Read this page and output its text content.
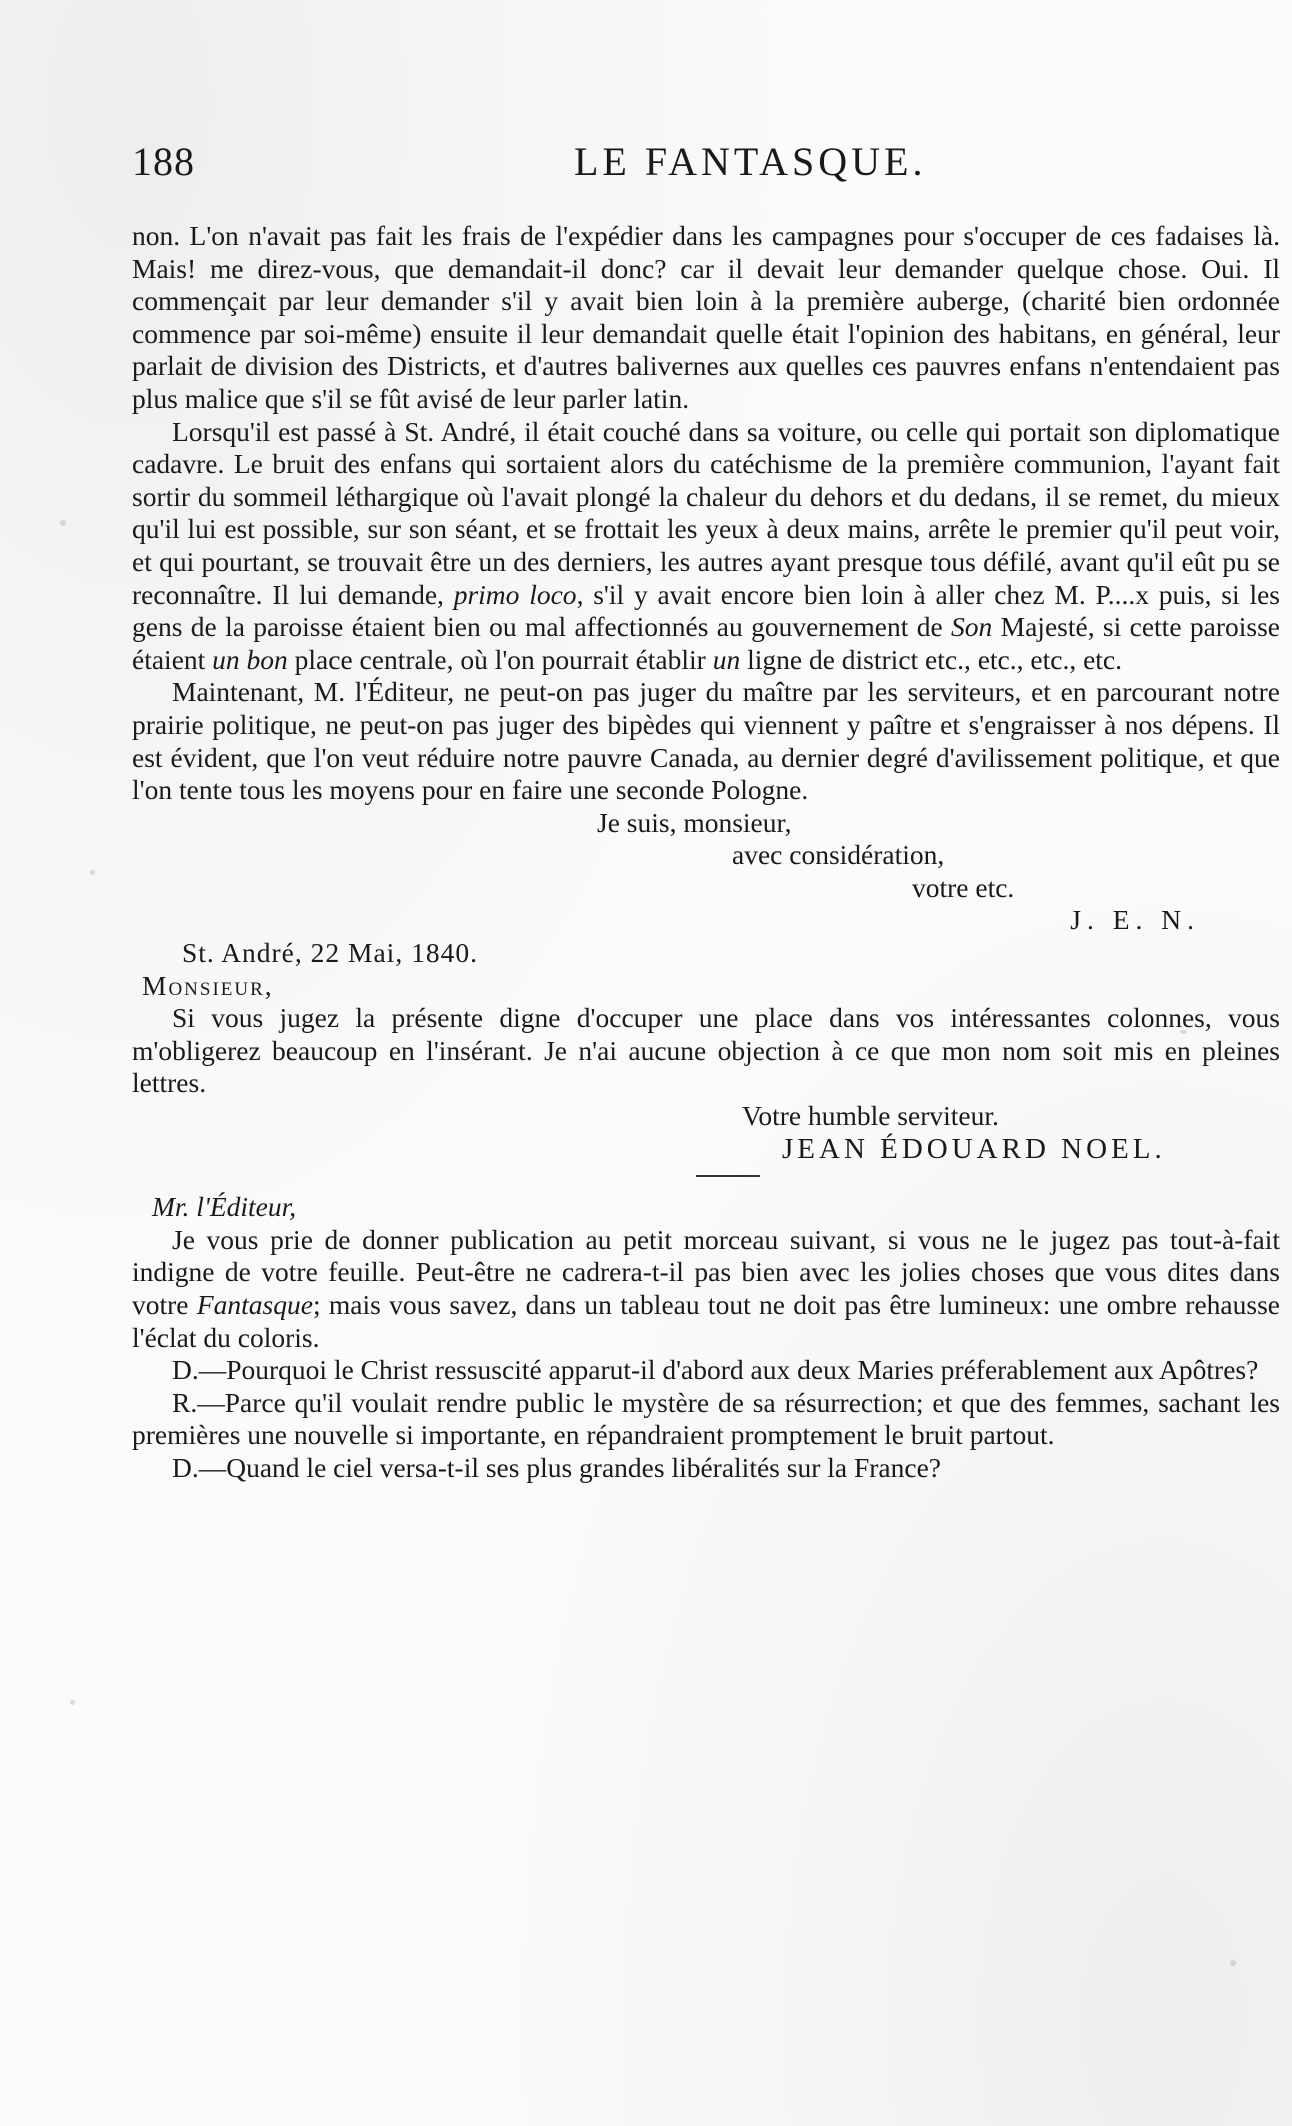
188	LE FANTASQUE.

non. L'on n'avait pas fait les frais de l'expédier dans les campagnes pour s'occuper de ces fadaises là. Mais! me direz-vous, que demandait-il donc? car il devait leur demander quelque chose. Oui. Il commençait par leur demander s'il y avait bien loin à la première auberge, (charité bien ordonnée commence par soi-même) ensuite il leur demandait quelle était l'opinion des habitans, en général, leur parlait de division des Districts, et d'autres balivernes aux quelles ces pauvres enfans n'entendaient pas plus malice que s'il se fût avisé de leur parler latin.

Lorsqu'il est passé à St. André, il était couché dans sa voiture, ou celle qui portait son diplomatique cadavre. Le bruit des enfans qui sortaient alors du catéchisme de la première communion, l'ayant fait sortir du sommeil léthargique où l'avait plongé la chaleur du dehors et du dedans, il se remet, du mieux qu'il lui est possible, sur son séant, et se frottait les yeux à deux mains, arrête le premier qu'il peut voir, et qui pourtant, se trouvait être un des derniers, les autres ayant presque tous défilé, avant qu'il eût pu se reconnaître. Il lui demande, primo loco, s'il y avait encore bien loin à aller chez M. P....x puis, si les gens de la paroisse étaient bien ou mal affectionnés au gouvernement de Son Majesté, si cette paroisse étaient un bon place centrale, où l'on pourrait établir un ligne de district etc., etc., etc., etc.

Maintenant, M. l'Éditeur, ne peut-on pas juger du maître par les serviteurs, et en parcourant notre prairie politique, ne peut-on pas juger des bipèdes qui viennent y paître et s'engraisser à nos dépens. Il est évident, que l'on veut réduire notre pauvre Canada, au dernier degré d'avilissement politique, et que l'on tente tous les moyens pour en faire une seconde Pologne.

Je suis, monsieur,

avec considération,

votre etc.

J. E. N.

St. André, 22 Mai, 1840.

Monsieur,

Si vous jugez la présente digne d'occuper une place dans vos intéressantes colonnes, vous m'obligerez beaucoup en l'insérant. Je n'ai aucune objection à ce que mon nom soit mis en pleines lettres.

Votre humble serviteur.

JEAN ÉDOUARD NOEL.

Mr. l'Éditeur,

Je vous prie de donner publication au petit morceau suivant, si vous ne le jugez pas tout-à-fait indigne de votre feuille. Peut-être ne cadrera-t-il pas bien avec les jolies choses que vous dites dans votre Fantasque; mais vous savez, dans un tableau tout ne doit pas être lumineux: une ombre rehausse l'éclat du coloris.

D.—Pourquoi le Christ ressuscité apparut-il d'abord aux deux Maries préferablement aux Apôtres?

R.—Parce qu'il voulait rendre public le mystère de sa résurrection; et que des femmes, sachant les premières une nouvelle si importante, en répandraient promptement le bruit partout.

D.—Quand le ciel versa-t-il ses plus grandes libéralités sur la France?
